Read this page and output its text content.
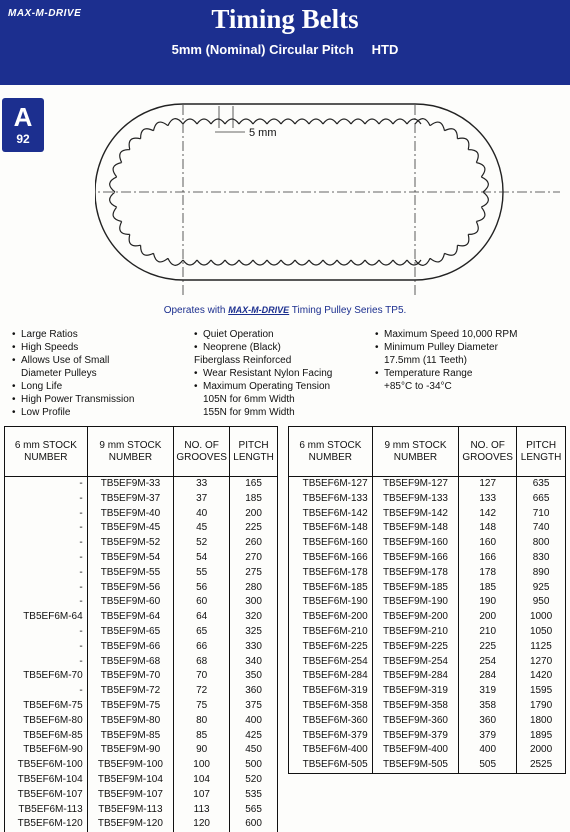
MAX-M-DRIVE	Timing Belts
5mm (Nominal) Circular Pitch HTD
A
92	5 mm
Operates with MAX-M-DRIVE Timing Pulley Series TP5.
• Large Ratios
• High Speeds
• Allows Use of Small
Diameter Pulleys
• Long Life
• High Power Transmission
• Low Profile
• Quiet Operation
• Neoprene (Black)
Fiberglass Reinforced
• Wear Resistant Nylon Facing
• Maximum Operating Tension
105N for 6mm Width
155N for 9mm Width
• Maximum Speed 10,000 RPM
• Minimum Pulley Diameter
17.5mm (11 Teeth)
• Temperature Range
+85°C to -34°C
6 mm STOCK NUMBER	9 mm STOCK NUMBER	NO. OF GROOVES	PITCH LENGTH
-	TB5EF9M-33	33	165
-	TB5EF9M-37	37	185
-	TB5EF9M-40	40	200
-	TB5EF9M-45	45	225
-	TB5EF9M-52	52	260
-	TB5EF9M-54	54	270
-	TB5EF9M-55	55	275
-	TB5EF9M-56	56	280
-	TB5EF9M-60	60	300
TB5EF6M-64	TB5EF9M-64	64	320
-	TB5EF9M-65	65	325
-	TB5EF9M-66	66	330
-	TB5EF9M-68	68	340
TB5EF6M-70	TB5EF9M-70	70	350
-	TB5EF9M-72	72	360
TB5EF6M-75	TB5EF9M-75	75	375
TB5EF6M-80	TB5EF9M-80	80	400
TB5EF6M-85	TB5EF9M-85	85	425
TB5EF6M-90	TB5EF9M-90	90	450
TB5EF6M-100	TB5EF9M-100	100	500
TB5EF6M-104	TB5EF9M-104	104	520
TB5EF6M-107	TB5EF9M-107	107	535
TB5EF6M-113	TB5EF9M-113	113	565
TB5EF6M-120	TB5EF9M-120	120	600
6 mm STOCK NUMBER	9 mm STOCK NUMBER	NO. OF GROOVES	PITCH LENGTH
TB5EF6M-127	TB5EF9M-127	127	635
TB5EF6M-133	TB5EF9M-133	133	665
TB5EF6M-142	TB5EF9M-142	142	710
TB5EF6M-148	TB5EF9M-148	148	740
TB5EF6M-160	TB5EF9M-160	160	800
TB5EF6M-166	TB5EF9M-166	166	830
TB5EF6M-178	TB5EF9M-178	178	890
TB5EF6M-185	TB5EF9M-185	185	925
TB5EF6M-190	TB5EF9M-190	190	950
TB5EF6M-200	TB5EF9M-200	200	1000
TB5EF6M-210	TB5EF9M-210	210	1050
TB5EF6M-225	TB5EF9M-225	225	1125
TB5EF6M-254	TB5EF9M-254	254	1270
TB5EF6M-284	TB5EF9M-284	284	1420
TB5EF6M-319	TB5EF9M-319	319	1595
TB5EF6M-358	TB5EF9M-358	358	1790
TB5EF6M-360	TB5EF9M-360	360	1800
TB5EF6M-379	TB5EF9M-379	379	1895
TB5EF6M-400	TB5EF9M-400	400	2000
TB5EF6M-505	TB5EF9M-505	505	2525
